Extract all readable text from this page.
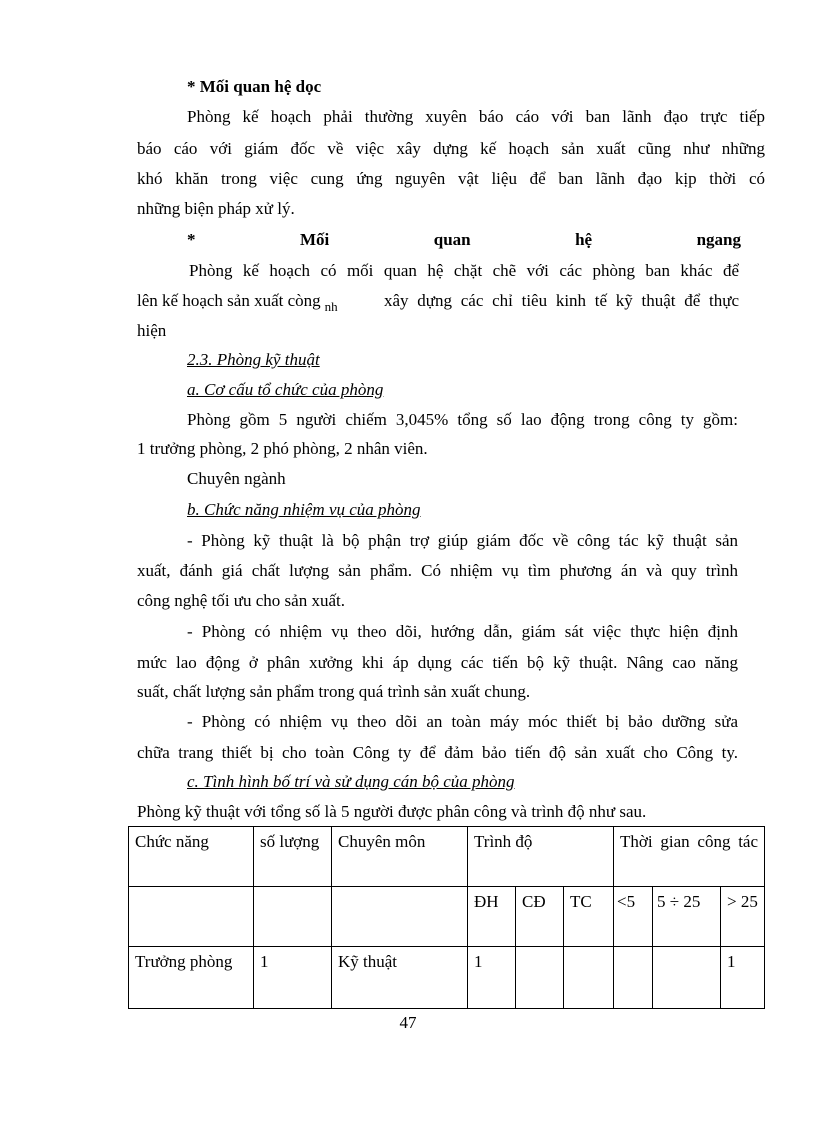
* Mối quan hệ dọc

Phòng kế hoạch phải thường xuyên báo cáo với ban lãnh đạo trực tiếp

báo cáo với giám đốc về việc xây dựng kế hoạch sản xuất cũng như những

khó khăn trong việc cung ứng nguyên vật liệu để ban lãnh đạo kịp thời có

những biện pháp xử lý.

* Mối quan hệ ngang

Phòng kế hoạch có mối quan hệ chặt chẽ với các phòng ban khác để

lên kế hoạch sản xuất còng $_{nh}$	xây dựng các chỉ tiêu kinh tế kỹ thuật để thực

hiện

2.3. Phòng kỹ thuật

a. Cơ cấu tổ chức của phòng

Phòng gồm 5 người chiếm 3,045% tổng số lao động trong công ty gồm:

1 trưởng phòng, 2 phó phòng, 2 nhân viên.

Chuyên ngành

b. Chức năng nhiệm vụ của phòng

- Phòng kỹ thuật là bộ phận trợ giúp giám đốc về công tác kỹ thuật sản

xuất, đánh giá chất lượng sản phẩm. Có nhiệm vụ tìm phương án và quy trình

công nghệ tối ưu cho sản xuất.

- Phòng có nhiệm vụ theo dõi, hướng dẫn, giám sát việc thực hiện định

mức lao động ở phân xưởng khi áp dụng các tiến bộ kỹ thuật. Nâng cao năng

suất, chất lượng sản phẩm trong quá trình sản xuất chung.

- Phòng có nhiệm vụ theo dõi an toàn máy móc thiết bị bảo dưỡng sửa

chữa trang thiết bị cho toàn Công ty để đảm bảo tiến độ sản xuất cho Công ty.

c. Tình hình bố trí và sử dụng cán bộ của phòng

Phòng kỹ thuật với tổng số là 5 người được phân công và trình độ như sau.

Chức năng	số lượng	Chuyên môn	Trình độ			Thời gian công tác		

			ĐH	CĐ	TC	<5	5 ÷ 25	> 25
Trưởng phòng	1	Kỹ thuật	1					1
47
